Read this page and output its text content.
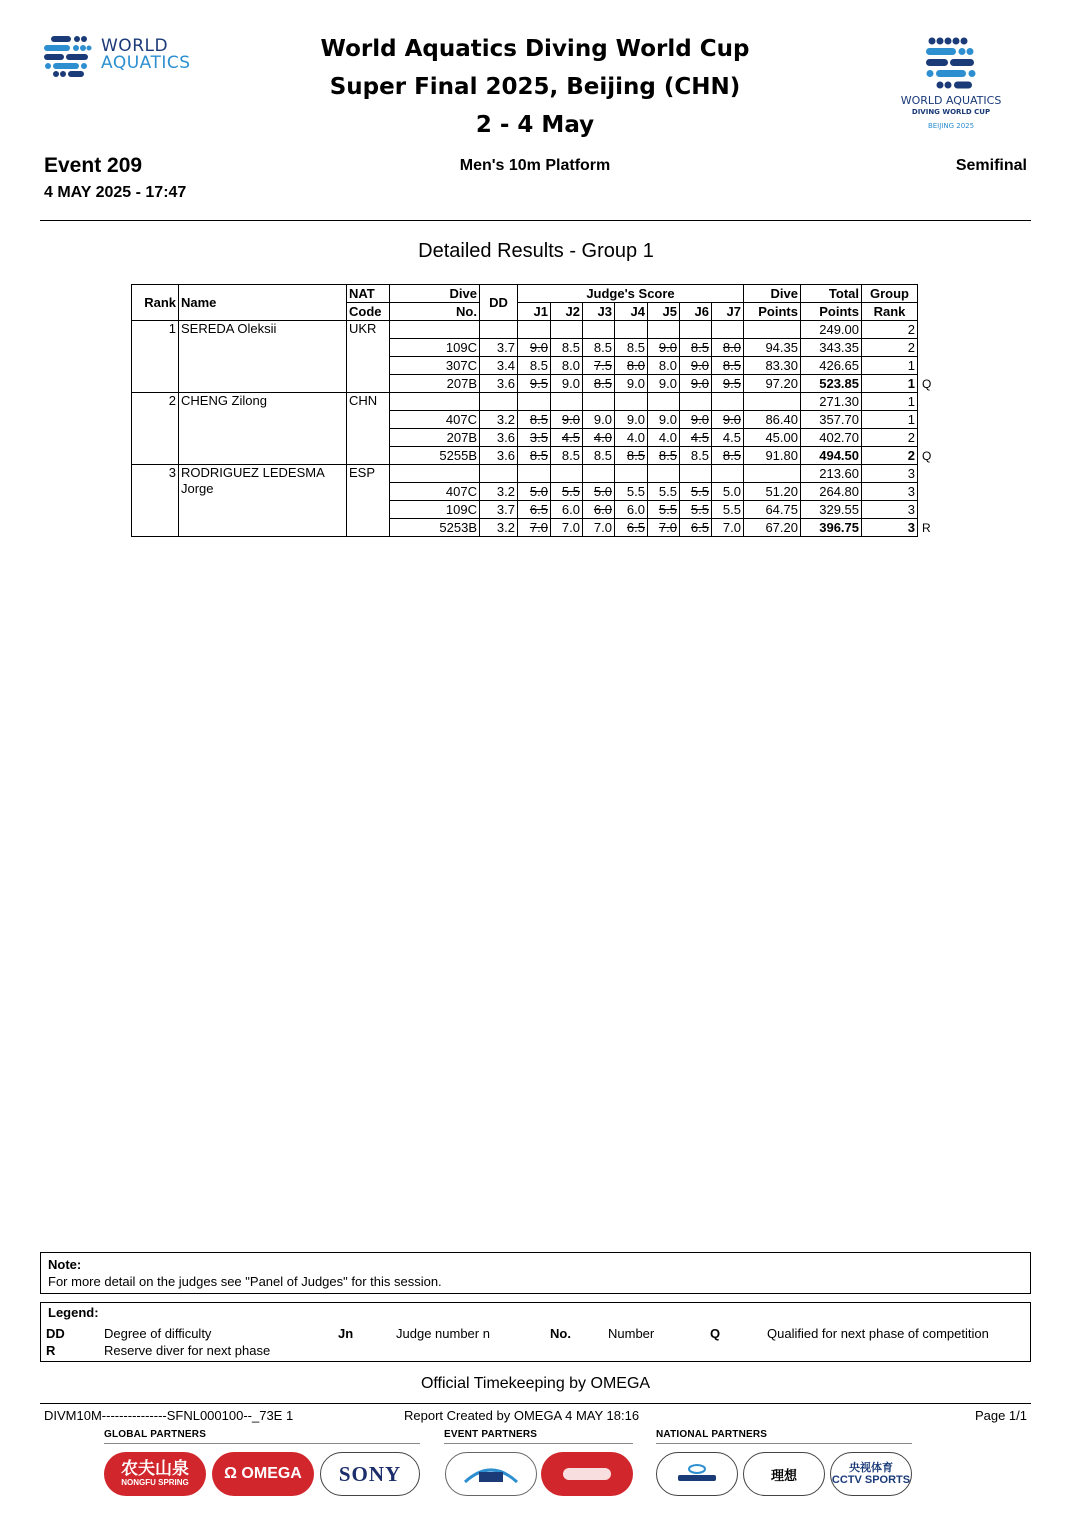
WORLD
AQUATICS
World Aquatics Diving World Cup
Super Final 2025, Beijing (CHN)
2 - 4 May
WORLD AQUATICS
DIVING WORLD CUP
BEIJING 2025
Event 209
4 MAY 2025 - 17:47
Men's 10m Platform	Semifinal
Detailed Results - Group 1
Rank	Name	NAT	Dive	DD	Judge's Score							Dive	Total	Group	
		Code	No.		J1	J2	J3	J4	J5	J6	J7	Points	Points	Rank	
1	SEREDA Oleksii	UKR											249.00	2	
			109C	3.7	9.0	8.5	8.5	8.5	9.0	8.5	8.0	94.35	343.35	2	
			307C	3.4	8.5	8.0	7.5	8.0	8.0	9.0	8.5	83.30	426.65	1	
			207B	3.6	9.5	9.0	8.5	9.0	9.0	9.0	9.5	97.20	523.85	1	Q
2	CHENG Zilong	CHN											271.30	1	
			407C	3.2	8.5	9.0	9.0	9.0	9.0	9.0	9.0	86.40	357.70	1	
			207B	3.6	3.5	4.5	4.0	4.0	4.0	4.5	4.5	45.00	402.70	2	
			5255B	3.6	8.5	8.5	8.5	8.5	8.5	8.5	8.5	91.80	494.50	2	Q
3	RODRIGUEZ LEDESMA
Jorge	ESP											213.60	3	
			407C	3.2	5.0	5.5	5.0	5.5	5.5	5.5	5.0	51.20	264.80	3	
			109C	3.7	6.5	6.0	6.0	6.0	5.5	5.5	5.5	64.75	329.55	3	
			5253B	3.2	7.0	7.0	7.0	6.5	7.0	6.5	7.0	67.20	396.75	3	R
Note:
For more detail on the judges see "Panel of Judges" for this session.
Legend:
DD	Degree of difficulty	Jn	Judge number n	No.	Number	Q	Qualified for next phase of competition
R	Reserve diver for next phase
Official Timekeeping by OMEGA
DIVM10M---------------SFNL000100--_73E 1	Report Created by OMEGA 4 MAY 18:16	Page 1/1
GLOBAL PARTNERS	EVENT PARTNERS	NATIONAL PARTNERS
农夫山泉
NONGFU SPRING
Ω OMEGA SONY	理想	央视体育
CCTV SPORTS
